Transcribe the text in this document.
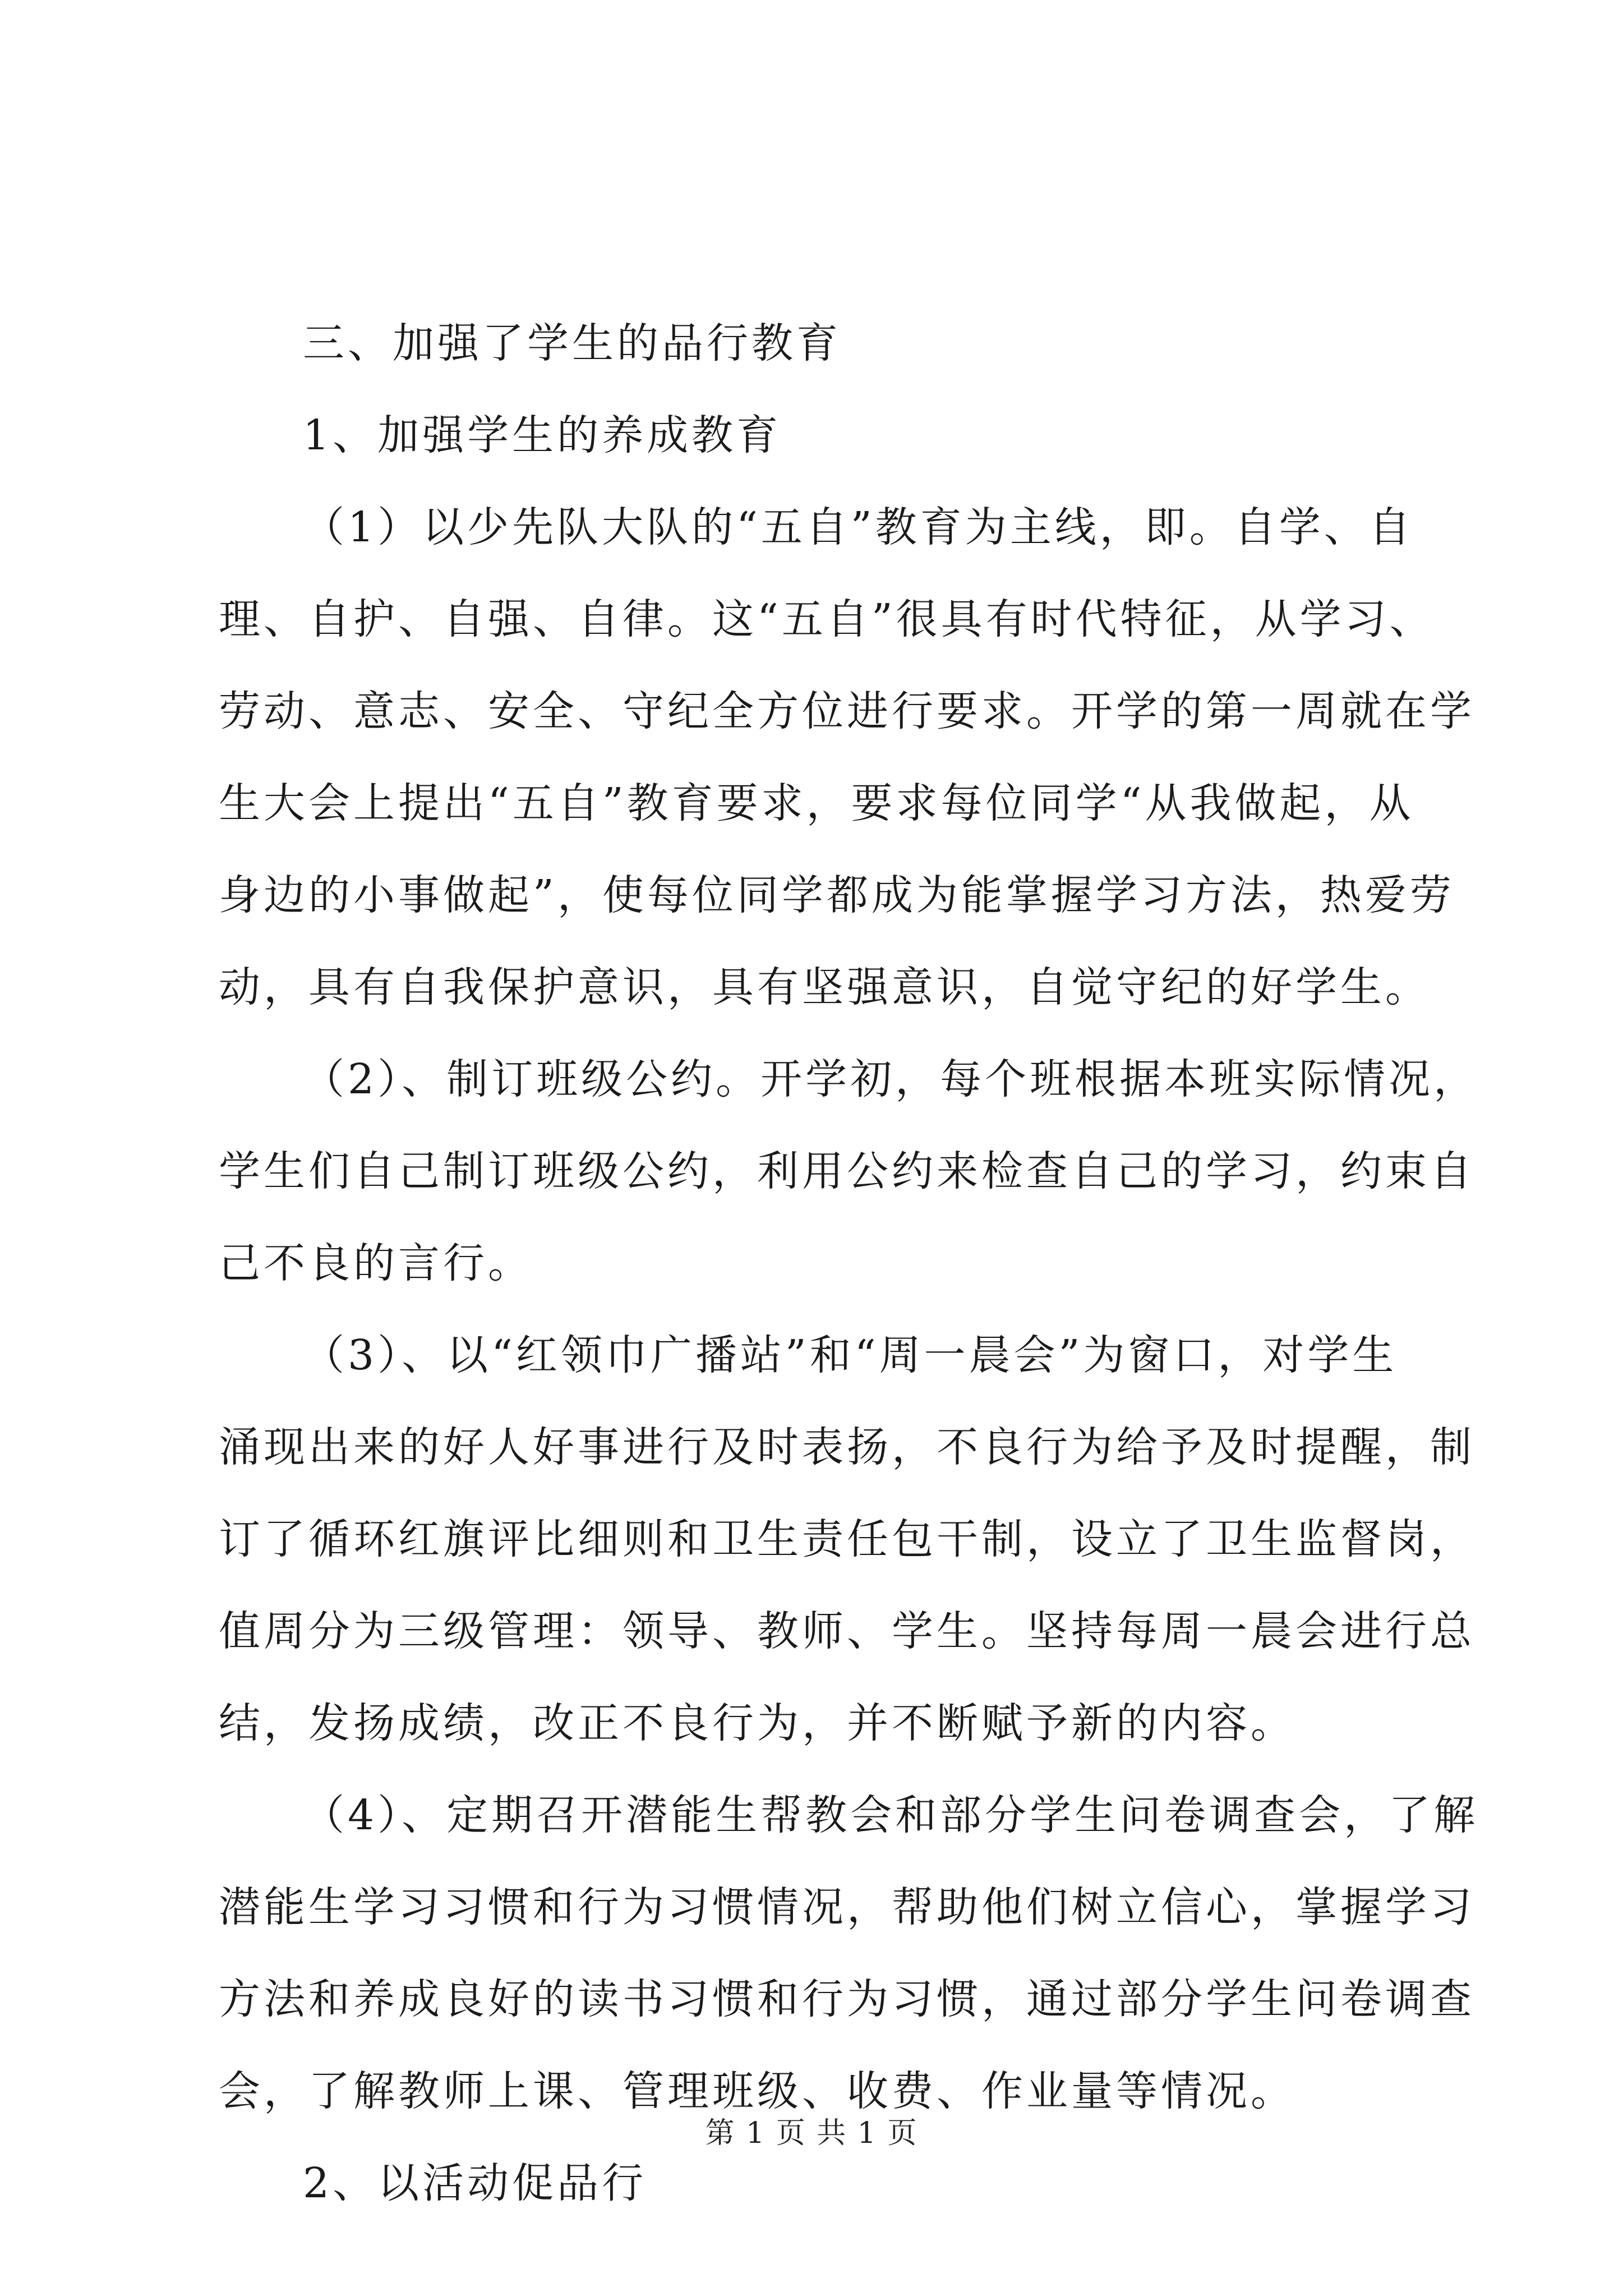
三、加强了学生的品行教育
1、加强学生的养成教育
（1）以少先队大队的“五自”教育为主线，即。自学、自
理、自护、自强、自律。这“五自”很具有时代特征，从学习、
劳动、意志、安全、守纪全方位进行要求。开学的第一周就在学
生大会上提出“五自”教育要求，要求每位同学“从我做起，从
身边的小事做起”，使每位同学都成为能掌握学习方法，热爱劳
动，具有自我保护意识，具有坚强意识，自觉守纪的好学生。
（2）、制订班级公约。开学初，每个班根据本班实际情况，
学生们自己制订班级公约，利用公约来检查自己的学习，约束自
己不良的言行。
（3）、以“红领巾广播站”和“周一晨会”为窗口，对学生
涌现出来的好人好事进行及时表扬，不良行为给予及时提醒，制
订了循环红旗评比细则和卫生责任包干制，设立了卫生监督岗，
值周分为三级管理：领导、教师、学生。坚持每周一晨会进行总
结，发扬成绩，改正不良行为，并不断赋予新的内容。
（4）、定期召开潜能生帮教会和部分学生问卷调查会，了解
潜能生学习习惯和行为习惯情况，帮助他们树立信心，掌握学习
方法和养成良好的读书习惯和行为习惯，通过部分学生问卷调查
会，了解教师上课、管理班级、收费、作业量等情况。
2、以活动促品行
第 1 页 共 1 页
